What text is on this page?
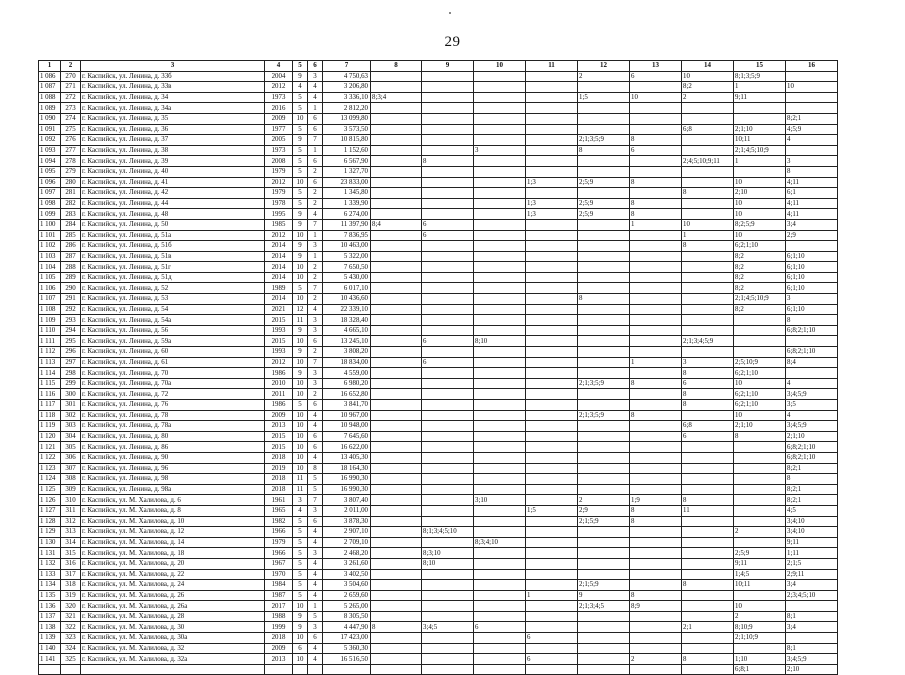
29
1	2	3	4	5	6	7	8	9	10	11	12	13	14	15	16
1 086	270	г. Каспийск, ул. Ленина, д. 33б	2004	9	3	4 750,63					2	6	10	8;1;3;5;9	
1 087	271	г. Каспийск, ул. Ленина, д. 33в	2012	4	4	3 206,80							8;2	1	10
1 088	272	г. Каспийск, ул. Ленина, д. 34	1973	5	4	3 336,10	8;3;4				1;5	10	2	9;11	
1 089	273	г. Каспийск, ул. Ленина, д. 34а	2016	5	1	2 812,20									
1 090	274	г. Каспийск, ул. Ленина, д. 35	2009	10	6	13 099,80									8;2;1
1 091	275	г. Каспийск, ул. Ленина, д. 36	1977	5	6	3 573,50							6;8	2;1;10	4;5;9
1 092	276	г. Каспийск, ул. Ленина, д. 37	2005	9	7	10 815,80					2;1;3;5;9	8		10;11	4
1 093	277	г. Каспийск, ул. Ленина, д. 38	1973	5	1	1 152,60			3		8	6		2;1;4;5;10;9	
1 094	278	г. Каспийск, ул. Ленина, д. 39	2008	5	6	6 567,90		8					2;4;5;10;9;11	1	3
1 095	279	г. Каспийск, ул. Ленина, д. 40	1979	5	2	1 327,70									8
1 096	280	г. Каспийск, ул. Ленина, д. 41	2012	10	6	23 833,00				1;3	2;5;9	8		10	4;11
1 097	281	г. Каспийск, ул. Ленина, д. 42	1979	5	2	1 345,80							8	2;10	6;1
1 098	282	г. Каспийск, ул. Ленина, д. 44	1978	5	2	1 339,90				1;3	2;5;9	8		10	4;11
1 099	283	г. Каспийск, ул. Ленина, д. 48	1995	9	4	6 274,00				1;3	2;5;9	8		10	4;11
1 100	284	г. Каспийск, ул. Ленина, д. 50	1985	9	7	11 397,90	8;4	6				1	10	8;2;5;9	3;4
1 101	285	г. Каспийск, ул. Ленина, д. 51а	2012	10	1	7 836,95		6					1	10	2;9
1 102	286	г. Каспийск, ул. Ленина, д. 51б	2014	9	3	10 463,00							8	6;2;1;10	
1 103	287	г. Каспийск, ул. Ленина, д. 51в	2014	9	1	5 322,00								8;2	6;1;10
1 104	288	г. Каспийск, ул. Ленина, д. 51г	2014	10	2	7 650,50								8;2	6;1;10
1 105	289	г. Каспийск, ул. Ленина, д. 51д	2014	10	2	5 430,00								8;2	6;1;10
1 106	290	г. Каспийск, ул. Ленина, д. 52	1989	5	7	6 017,10								8;2	6;1;10
1 107	291	г. Каспийск, ул. Ленина, д. 53	2014	10	2	10 436,60					8			2;1;4;5;10;9	3
1 108	292	г. Каспийск, ул. Ленина, д. 54	2021	12	4	22 339,10								8;2	6;1;10
1 109	293	г. Каспийск, ул. Ленина, д. 54а	2015	11	3	18 328,40									8
1 110	294	г. Каспийск, ул. Ленина, д. 56	1993	9	3	4 665,10									6;8;2;1;10
1 111	295	г. Каспийск, ул. Ленина, д. 59а	2015	10	6	13 245,10		6	8;10				2;1;3;4;5;9		
1 112	296	г. Каспийск, ул. Ленина, д. 60	1993	9	2	3 808,20									6;8;2;1;10
1 113	297	г. Каспийск, ул. Ленина, д. 61	2012	10	7	18 834,00		6				1	3	2;5;10;9	8;4
1 114	298	г. Каспийск, ул. Ленина, д. 70	1986	9	3	4 559,00							8	6;2;1;10	
1 115	299	г. Каспийск, ул. Ленина, д. 70а	2010	10	3	6 980,20					2;1;3;5;9	8	6	10	4
1 116	300	г. Каспийск, ул. Ленина, д. 72	2011	10	2	16 652,80							8	6;2;1;10	3;4;5;9
1 117	301	г. Каспийск, ул. Ленина, д. 76	1986	5	6	3 841,70							8	6;2;1;10	3;5
1 118	302	г. Каспийск, ул. Ленина, д. 78	2009	10	4	10 967,00					2;1;3;5;9	8		10	4
1 119	303	г. Каспийск, ул. Ленина, д. 78а	2013	10	4	10 948,00							6;8	2;1;10	3;4;5;9
1 120	304	г. Каспийск, ул. Ленина, д. 80	2015	10	6	7 645,60							6	8	2;1;10
1 121	305	г. Каспийск, ул. Ленина, д. 86	2015	10	6	16 622,00									6;8;2;1;10
1 122	306	г. Каспийск, ул. Ленина, д. 90	2018	10	4	13 405,30									6;8;2;1;10
1 123	307	г. Каспийск, ул. Ленина, д. 96	2019	10	8	18 164,30									8;2;1
1 124	308	г. Каспийск, ул. Ленина, д. 98	2018	11	5	16 990,30									8
1 125	309	г. Каспийск, ул. Ленина, д. 98а	2018	11	5	16 990,30									8;2;1
1 126	310	г. Каспийск, ул. М. Халилова, д. 6	1961	3	7	3 807,40			3;10		2	1;9	8		8;2;1
1 127	311	г. Каспийск, ул. М. Халилова, д. 8	1965	4	3	2 011,00				1;5	2;9	8	11		4;5
1 128	312	г. Каспийск, ул. М. Халилова, д. 10	1982	5	6	3 878,30					2;1;5;9	8			3;4;10
1 129	313	г. Каспийск, ул. М. Халилова, д. 12	1966	5	4	2 907,10		8;1;3;4;5;10						2	3;4;10
1 130	314	г. Каспийск, ул. М. Халилова, д. 14	1979	5	4	2 709,10			8;3;4;10						9;11
1 131	315	г. Каспийск, ул. М. Халилова, д. 18	1966	5	3	2 468,20		8;3;10						2;5;9	1;11
1 132	316	г. Каспийск, ул. М. Халилова, д. 20	1967	5	4	3 261,60		8;10						9;11	2;1;5
1 133	317	г. Каспийск, ул. М. Халилова, д. 22	1970	5	4	3 402,50								1;4;5	2;9;11
1 134	318	г. Каспийск, ул. М. Халилова, д. 24	1984	5	4	3 504,60					2;1;5;9		8	10;11	3;4
1 135	319	г. Каспийск, ул. М. Халилова, д. 26	1987	5	4	2 659,60				1	9	8			2;3;4;5;10
1 136	320	г. Каспийск, ул. М. Халилова, д. 26а	2017	10	1	5 265,00					2;1;3;4;5	8;9		10	
1 137	321	г. Каспийск, ул. М. Халилова, д. 28	1988	9	5	8 305,50								2	8;1
1 138	322	г. Каспийск, ул. М. Халилова, д. 30	1999	9	3	4 447,90	8	3;4;5	6				2;1	8;10;9	3;4
1 139	323	г. Каспийск, ул. М. Халилова, д. 30а	2018	10	6	17 423,00				6				2;1;10;9	
1 140	324	г. Каспийск, ул. М. Халилова, д. 32	2009	6	4	5 360,30									8;1
1 141	325	г. Каспийск, ул. М. Халилова, д. 32а	2013	10	4	16 516,50				6		2	8	1;10	3;4;5;9
														6;8;1	2;10
